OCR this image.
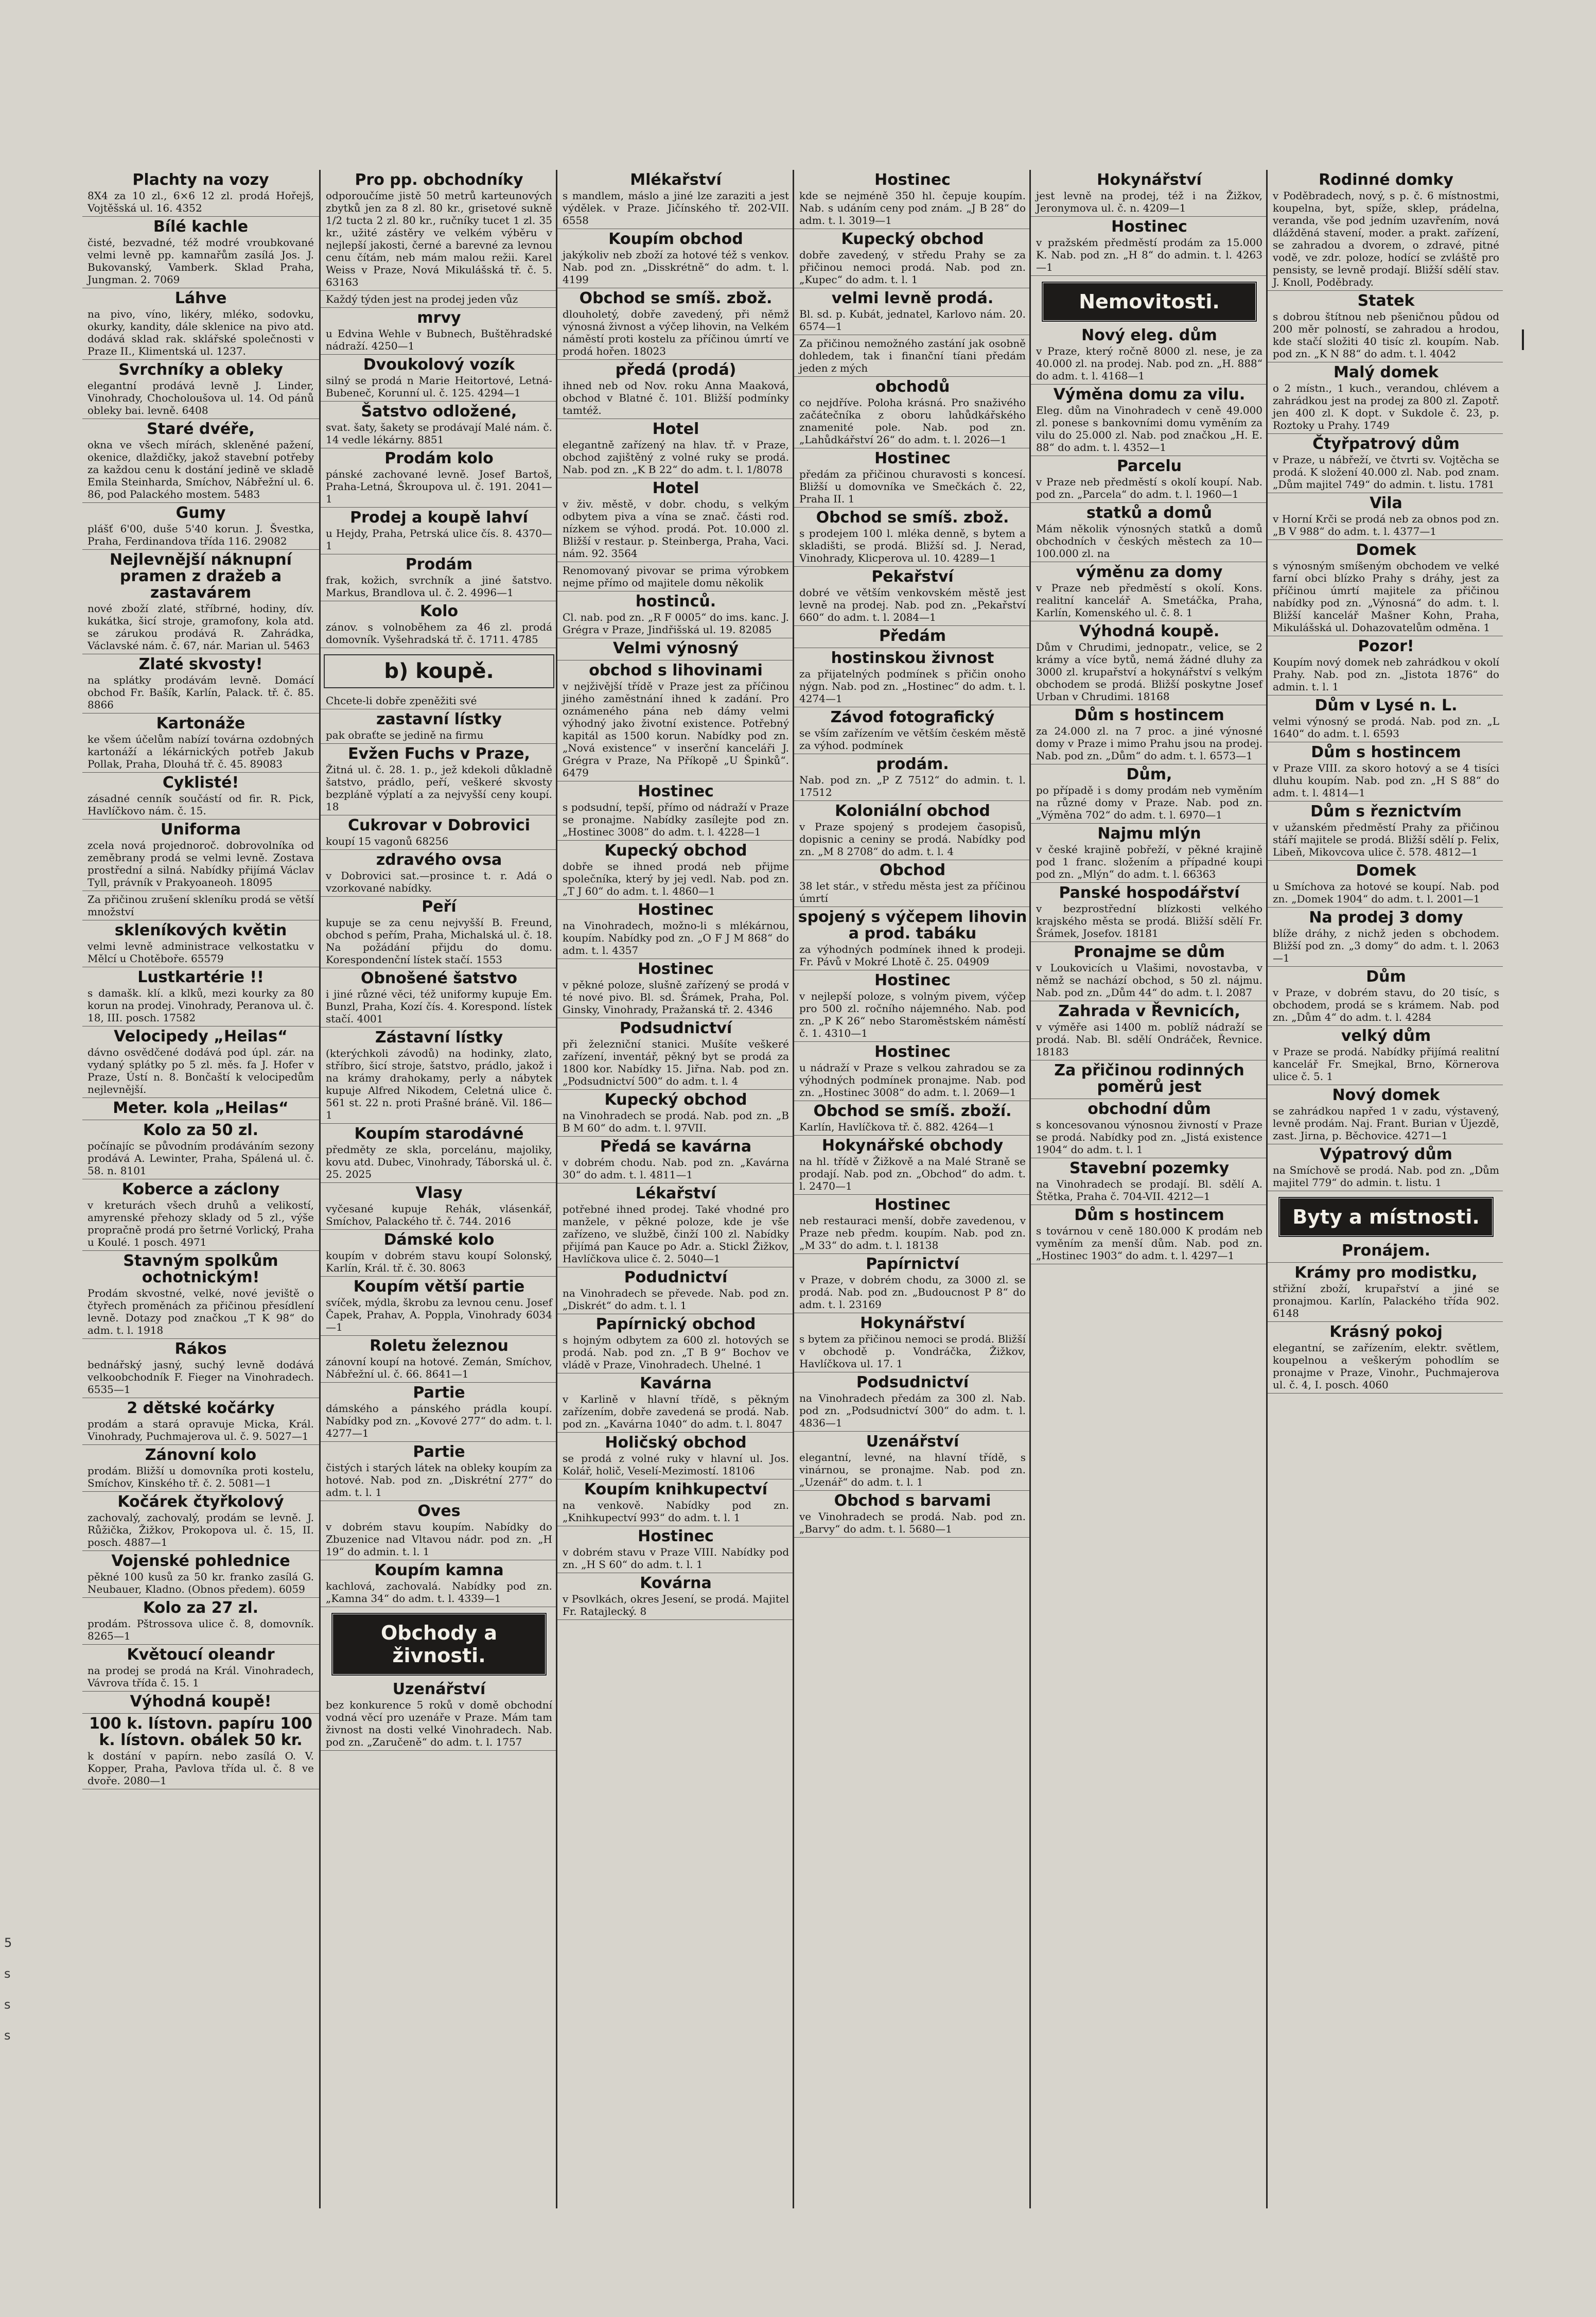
Plachty na vozy
8X4 za 10 zl., 6×6 12 zl. prodá Hořejš, Vojtěšská ul. 16. 4352
Bílé kachle
čisté, bezvadné, též modré vroubkované velmi levně pp. kamnařům zasílá Jos. J. Bukovanský, Vamberk. Sklad Praha, Jungman. 2. 7069
Láhve
na pivo, víno, likéry, mléko, sodovku, okurky, kandity, dále sklenice na pivo atd. dodává sklad rak. sklářské společnosti v Praze II., Klimentská ul. 1237.
Svrchníky a obleky
elegantní prodává levně J. Linder, Vinohrady, Chocholoušova ul. 14. Od pánů obleky bai. levně. 6408
Staré dvéře,
okna ve všech mírách, skleněné pažení, okenice, dlaždičky, jakož stavební potřeby za každou cenu k dostání jedině ve skladě Emila Steinharda, Smíchov, Nábřežní ul. 6. 86, pod Palackého mostem. 5483
Gumy
plášť 6'00, duše 5'40 korun. J. Švestka, Praha, Ferdinandova třída 116. 29082
Nejlevnější náknupní pramen z dražeb a zastavárem
nové zboží zlaté, stříbrné, hodiny, dív. kukátka, šicí stroje, gramofony, kola atd. se zárukou prodává R. Zahrádka, Václavské nám. č. 67, nár. Marian ul. 5463
Zlaté skvosty!
na splátky prodávám levně. Domácí obchod Fr. Bašík, Karlín, Palack. tř. č. 85. 8866
Kartonáže
ke všem účelům nabízí továrna ozdobných kartonáží a lékárnických potřeb Jakub Pollak, Praha, Dlouhá tř. č. 45. 89083
Cyklisté!
zásadné cenník součástí od fir. R. Pick, Havlíčkovo nám. č. 15.
Uniforma
zcela nová projednoroč. dobrovolníka od zeměbrany prodá se velmi levně. Zostava prostřední a silná. Nabídky přijímá Václav Tyll, právník v Prakyoaneoh. 18095
Za přičinou zrušení skleníku prodá se větší množství
skleníkových květin
velmi levně administrace velkostatku v Mělcí u Chotěboře. 65579
Lustkartérie !!
s damašk. klí. a klků, mezi kourky za 80 korun na prodej. Vinohrady, Peranova ul. č. 18, III. posch. 17582
Velocipedy „Heilas“
dávno osvědčené dodává pod úpl. zár. na vydaný splátky po 5 zl. měs. fa J. Hofer v Praze, Ústí n. 8. Bončaští k velocipedům nejlevnější.
Meter. kola „Heilas“
Kolo za 50 zl.
počínajíc se původním prodáváním sezony prodává A. Lewinter, Praha, Spálená ul. č. 58. n. 8101
Koberce a záclony
v kreturách všech druhů a velikostí, amyrenské přehozy sklady od 5 zl., výše propračně prodá pro šetrné Vorlický, Praha u Koulé. 1 posch. 4971
Stavným spolkům ochotnickým!
Prodám skvostné, velké, nové jeviště o čtyřech proměnách za přičinou přesídlení levně. Dotazy pod značkou „T K 98“ do adm. t. l. 1918
Rákos
bednářský jasný, suchý levně dodává velkoobchodník F. Fieger na Vinohradech. 6535—1
2 dětské kočárky
prodám a stará opravuje Micka, Král. Vinohrady, Puchmajerova ul. č. 9. 5027—1
Zánovní kolo
prodám. Bližší u domovníka proti kostelu, Smíchov, Kinského tř. č. 2. 5081—1
Kočárek čtyřkolový
zachovalý, zachovalý, prodám se levně. J. Růžička, Žižkov, Prokopova ul. č. 15, II. posch. 4887—1
Vojenské pohlednice
pěkné 100 kusů za 50 kr. franko zasílá G. Neubauer, Kladno. (Obnos předem). 6059
Kolo za 27 zl.
prodám. Pštrossova ulice č. 8, domovník. 8265—1
Květoucí oleandr
na prodej se prodá na Král. Vinohradech, Vávrova třída č. 15. 1
Výhodná koupě!
100 k. lístovn. papíru 100 k. lístovn. obálek 50 kr.
k dostání v papírn. nebo zasílá O. V. Kopper, Praha, Pavlova třída ul. č. 8 ve dvoře. 2080—1
Pro pp. obchodníky
odporoučíme jistě 50 metrů karteunových zbytků jen za 8 zl. 80 kr., grisetové sukně 1/2 tucta 2 zl. 80 kr., ručníky tucet 1 zl. 35 kr., užité zástěry ve velkém výběru v nejlepší jakosti, černé a barevné za levnou cenu čítám, neb mám malou režii. Karel Weiss v Praze, Nová Mikulášská tř. č. 5. 63163
Každý týden jest na prodej jeden vůz
mrvy
u Edvina Wehle v Bubnech, Buštěhradské nádraží. 4250—1
Dvoukolový vozík
silný se prodá n Marie Heitortové, Letná-Bubeneč, Korunní ul. č. 125. 4294—1
Šatstvo odložené,
svat. šaty, šakety se prodávají Malé nám. č. 14 vedle lékárny. 8851
Prodám kolo
pánské zachované levně. Josef Bartoš, Praha-Letná, Škroupova ul. č. 191. 2041—1
Prodej a koupě lahví
u Hejdy, Praha, Petrská ulice čís. 8. 4370—1
Prodám
frak, kožich, svrchník a jiné šatstvo. Markus, Brandlova ul. č. 2. 4996—1
Kolo
zánov. s volnoběhem za 46 zl. prodá domovník. Vyšehradská tř. č. 1711. 4785
b) koupě.
Chcete-li dobře zpeněžiti své
zastavní lístky
pak obraťte se jedině na firmu
Evžen Fuchs v Praze,
Žitná ul. č. 28. 1. p., jež kdekoli důkladně šatstvo, prádlo, peří, veškeré skvosty bezpláně výplatí a za nejvyšší ceny koupí. 18
Cukrovar v Dobrovici
koupí 15 vagonů 68256
zdravého ovsa
v Dobrovici sat.—prosince t. r. Adá o vzorkované nabídky.
Peří
kupuje se za cenu nejvyšší B. Freund, obchod s peřím, Praha, Michalská ul. č. 18. Na požádání přijdu do domu. Korespondenční lístek stačí. 1553
Obnošené šatstvo
i jiné různé věci, též uniformy kupuje Em. Bunzl, Praha, Kozí čís. 4. Korespond. lístek stačí. 4001
Zástavní lístky
(kterýchkoli závodů) na hodinky, zlato, stříbro, šicí stroje, šatstvo, prádlo, jakož i na krámy drahokamy, perly a nábytek kupuje Alfred Nikodem, Celetná ulice č. 561 st. 22 n. proti Prašné bráně. Vil. 186—1
Koupím starodávné
předměty ze skla, porcelánu, majoliky, kovu atd. Dubec, Vinohrady, Táborská ul. č. 25. 2025
Vlasy
vyčesané kupuje Rehák, vlásenkář, Smíchov, Palackého tř. č. 744. 2016
Dámské kolo
koupím v dobrém stavu koupí Solonský, Karlín, Král. tř. č. 30. 8063
Koupím větší partie
svíček, mýdla, škrobu za levnou cenu. Josef Čapek, Prahav, A. Poppla, Vinohrady 6034—1
Roletu železnou
zánovní koupí na hotové. Zemán, Smíchov, Nábřežní ul. č. 66. 8641—1
Partie
dámského a pánského prádla koupí. Nabídky pod zn. „Kovové 277“ do adm. t. l. 4277—1
Partie
čistých i starých látek na obleky koupím za hotové. Nab. pod zn. „Diskrétní 277“ do adm. t. l. 1
Oves
v dobrém stavu koupím. Nabídky do Zbuzenice nad Vltavou nádr. pod zn. „H 19“ do admin. t. l. 1
Koupím kamna
kachlová, zachovalá. Nabídky pod zn. „Kamna 34“ do adm. t. l. 4339—1
Obchody a živnosti.
Uzenářství
bez konkurence 5 roků v domě obchodní vodná věcí pro uzenáře v Praze. Mám tam živnost na dosti velké Vinohradech. Nab. pod zn. „Zaručeně“ do adm. t. l. 1757
Mlékařství
s mandlem, máslo a jiné lze zaraziti a jest výdělek. v Praze. Jičínského tř. 202-VII. 6558
Koupím obchod
jakýkoliv neb zboží za hotové též s venkov. Nab. pod zn. „Disskrétně“ do adm. t. l. 4199
Obchod se smíš. zbož.
dlouholetý, dobře zavedený, při němž výnosná živnost a výčep lihovin, na Velkém náměstí proti kostelu za příčinou úmrtí ve prodá hořen. 18023
předá (prodá)
ihned neb od Nov. roku Anna Maaková, obchod v Blatné č. 101. Bližší podmínky tamtéž.
Hotel
elegantně zařízený na hlav. tř. v Praze, obchod zajištěný z volné ruky se prodá. Nab. pod zn. „K B 22“ do adm. t. l. 1/8078
Hotel
v živ. městě, v dobr. chodu, s velkým odbytem piva a vína se znač. části rod. nízkem se výhod. prodá. Pot. 10.000 zl. Bližší v restaur. p. Steinberga, Praha, Vaci. nám. 92. 3564
Renomovaný pivovar se prima výrobkem nejme přímo od majitele domu několik
hostinců.
Cl. nab. pod zn. „R F 0005“ do ims. kanc. J. Grégra v Praze, Jindřišská ul. 19. 82085
Velmi výnosný
obchod s lihovinami
v nejživější třídě v Praze jest za příčinou jiného zaměstnání ihned k zadání. Pro oznámeného pána neb dámy velmi výhodný jako životní existence. Potřebný kapitál as 1500 korun. Nabídky pod zn. „Nová existence“ v inserční kanceláři J. Grégra v Praze, Na Příkopě „U Špinků“. 6479
Hostinec
s podsudní, tepší, přímo od nádraží v Praze se pronajme. Nabídky zasílejte pod zn. „Hostinec 3008“ do adm. t. l. 4228—1
Kupecký obchod
dobře se ihned prodá neb přijme společníka, který by jej vedl. Nab. pod zn. „T J 60“ do adm. t. l. 4860—1
Hostinec
na Vinohradech, možno-li s mlékárnou, koupím. Nabídky pod zn. „O F J M 868“ do adm. t. l. 4357
Hostinec
v pěkné poloze, slušně zařízený se prodá v té nové pivo. Bl. sd. Šrámek, Praha, Pol. Ginsky, Vinohrady, Pražanská tř. 2. 4346
Podsudnictví
při železniční stanici. Mušíte veškeré zařízení, inventář, pěkný byt se prodá za 1800 kor. Nabídky 15. Jiřna. Nab. pod zn. „Podsudnictví 500“ do adm. t. l. 4
Kupecký obchod
na Vinohradech se prodá. Nab. pod zn. „B B M 60“ do adm. t. l. 97VII.
Předá se kavárna
v dobrém chodu. Nab. pod zn. „Kavárna 30“ do adm. t. l. 4811—1
Lékařství
potřebné ihned prodej. Také vhodné pro manžele, v pěkné poloze, kde je vše zařízeno, ve službě, činží 100 zl. Nabídky přijímá pan Kauce po Adr. a. Stickl Žižkov, Havlíčkova ulice č. 2. 5040—1
Podudnictví
na Vinohradech se převede. Nab. pod zn. „Diskrét“ do adm. t. l. 1
Papírnický obchod
s hojným odbytem za 600 zl. hotových se prodá. Nab. pod zn. „T B 9“ Bochov ve vládě v Praze, Vinohradech. Uhelné. 1
Kavárna
v Karlině v hlavní třídě, s pěkným zařízením, dobře zavedená se prodá. Nab. pod zn. „Kavárna 1040“ do adm. t. l. 8047
Holičský obchod
se prodá z volné ruky v hlavní ul. Jos. Kolář, holič, Veselí-Mezimostí. 18106
Koupím knihkupectví
na venkově. Nabídky pod zn. „Knihkupectví 993“ do adm. t. l. 1
Hostinec
v dobrém stavu v Praze VIII. Nabídky pod zn. „H S 60“ do adm. t. l. 1
Kovárna
v Psovlkách, okres Jesení, se prodá. Majitel Fr. Ratajlecký. 8
Hostinec
kde se nejméně 350 hl. čepuje koupím. Nab. s udáním ceny pod znám. „J B 28“ do adm. t. l. 3019—1
Kupecký obchod
dobře zavedený, v středu Prahy se za přičinou nemoci prodá. Nab. pod zn. „Kupec“ do adm. t. l. 1
velmi levně prodá.
Bl. sd. p. Kubát, jednatel, Karlovo nám. 20. 6574—1
Za přičinou nemožného zastání jak osobně dohledem, tak i finanční tíani předám jeden z mých
obchodů
co nejdříve. Poloha krásná. Pro snaživého začátečníka z oboru lahůdkářského znamenité pole. Nab. pod zn. „Lahůdkářství 26“ do adm. t. l. 2026—1
Hostinec
předám za přičinou churavosti s koncesí. Bližší u domovníka ve Smečkách č. 22, Praha II. 1
Obchod se smíš. zbož.
s prodejem 100 l. mléka denně, s bytem a skladišti, se prodá. Bližší sd. J. Nerad, Vinohrady, Klicperova ul. 10. 4289—1
Pekařství
dobré ve větším venkovském městě jest levně na prodej. Nab. pod zn. „Pekařství 660“ do adm. t. l. 2084—1
Předám
hostinskou živnost
za přijatelných podmínek s přičin onoho nýgn. Nab. pod zn. „Hostinec“ do adm. t. l. 4274—1
Závod fotografický
se vším zařízením ve větším českém městě za výhod. podmínek
prodám.
Nab. pod zn. „P Z 7512“ do admin. t. l. 17512
Koloniální obchod
v Praze spojený s prodejem časopisů, dopisnic a ceniny se prodá. Nabídky pod zn. „M 8 2708“ do adm. t. l. 4
Obchod
38 let stár., v středu města jest za příčinou úmrtí
spojený s výčepem lihovin a prod. tabáku
za výhodných podmínek ihned k prodeji. Fr. Pávů v Mokré Lhotě č. 25. 04909
Hostinec
v nejlepší poloze, s volným pivem, výčep pro 500 zl. ročního nájemného. Nab. pod zn. „P K 26“ nebo Staroměstském náměstí č. 1. 4310—1
Hostinec
u nádraží v Praze s velkou zahradou se za výhodných podmínek pronajme. Nab. pod zn. „Hostinec 3008“ do adm. t. l. 2069—1
Obchod se smíš. zboží.
Karlín, Havlíčkova tř. č. 882. 4264—1
Hokynářské obchody
na hl. třídě v Žižkově a na Malé Straně se prodají. Nab. pod zn. „Obchod“ do adm. t. l. 2470—1
Hostinec
neb restauraci menší, dobře zavedenou, v Praze neb předm. koupím. Nab. pod zn. „M 33“ do adm. t. l. 18138
Papírnictví
v Praze, v dobrém chodu, za 3000 zl. se prodá. Nab. pod zn. „Budoucnost P 8“ do adm. t. l. 23169
Hokynářství
s bytem za přičinou nemoci se prodá. Bližší v obchodě p. Vondráčka, Žižkov, Havlíčkova ul. 17. 1
Podsudnictví
na Vinohradech předám za 300 zl. Nab. pod zn. „Podsudnictví 300“ do adm. t. l. 4836—1
Uzenářství
elegantní, levné, na hlavní třídě, s vinárnou, se pronajme. Nab. pod zn. „Uzenář“ do adm. t. l. 1
Obchod s barvami
ve Vinohradech se prodá. Nab. pod zn. „Barvy“ do adm. t. l. 5680—1
Hokynářství
jest levně na prodej, též i na Žižkov, Jeronymova ul. č. n. 4209—1
Hostinec
v pražském předměstí prodám za 15.000 K. Nab. pod zn. „H 8“ do admin. t. l. 4263—1
Nemovitosti.
Nový eleg. dům
v Praze, který ročně 8000 zl. nese, je za 40.000 zl. na prodej. Nab. pod zn. „H. 888“ do adm. t. l. 4168—1
Výměna domu za vilu.
Eleg. dům na Vinohradech v ceně 49.000 zl. ponese s bankovními domu vyměním za vilu do 25.000 zl. Nab. pod značkou „H. E. 88“ do adm. t. l. 4352—1
Parcelu
v Praze neb předměstí s okolí koupí. Nab. pod zn. „Parcela“ do adm. t. l. 1960—1
statků a domů
Mám několik výnosných statků a domů obchodních v českých městech za 10—100.000 zl. na
výměnu za domy
v Praze neb předměstí s okolí. Kons. realitní kancelář A. Smetáčka, Praha, Karlín, Komenského ul. č. 8. 1
Výhodná koupě.
Dům v Chrudimi, jednopatr., velice, se 2 krámy a více bytů, nemá žádné dluhy za 3000 zl. krupařství a hokynářství s velkým obchodem se prodá. Bližší poskytne Josef Urban v Chrudimi. 18168
Dům s hostincem
za 24.000 zl. na 7 proc. a jiné výnosné domy v Praze i mimo Prahu jsou na prodej. Nab. pod zn. „Dům“ do adm. t. l. 6573—1
Dům,
po případě i s domy prodám neb vyměním na různé domy v Praze. Nab. pod zn. „Výměna 702“ do adm. t. l. 6970—1
Najmu mlýn
v české krajině pobřeží, v pěkné krajině pod 1 franc. složením a případné koupi pod zn. „Mlýn“ do adm. t. l. 66363
Panské hospodářství
v bezprostřední blízkosti velkého krajského města se prodá. Bližší sdělí Fr. Šrámek, Josefov. 18181
Pronajme se dům
v Loukovicích u Vlašimi, novostavba, v němž se nachází obchod, s 50 zl. nájmu. Nab. pod zn. „Dům 44“ do adm. t. l. 2087
Zahrada v Řevnicích,
v výměře asi 1400 m. poblíž nádraží se prodá. Nab. Bl. sdělí Ondráček, Řevnice. 18183
Za přičinou rodinných poměrů jest
obchodní dům
s koncesovanou výnosnou živností v Praze se prodá. Nabídky pod zn. „Jistá existence 1904“ do adm. t. l. 1
Stavební pozemky
na Vinohradech se prodají. Bl. sdělí A. Štětka, Praha č. 704-VII. 4212—1
Dům s hostincem
s továrnou v ceně 180.000 K prodám neb vyměním za menší dům. Nab. pod zn. „Hostinec 1903“ do adm. t. l. 4297—1
Rodinné domky
v Poděbradech, nový, s p. č. 6 místnostmi, koupelna, byt, spíže, sklep, prádelna, veranda, vše pod jedním uzavřením, nová dlážděná stavení, moder. a prakt. zařízení, se zahradou a dvorem, o zdravé, pitné vodě, ve zdr. poloze, hodící se zvláště pro pensisty, se levně prodají. Bližší sdělí stav. J. Knoll, Poděbrady.
Statek
s dobrou štítnou neb pšeničnou půdou od 200 měr polností, se zahradou a hrodou, kde stačí složiti 40 tisíc zl. koupím. Nab. pod zn. „K N 88“ do adm. t. l. 4042
Malý domek
o 2 místn., 1 kuch., verandou, chlévem a zahrádkou jest na prodej za 800 zl. Zapotř. jen 400 zl. K dopt. v Sukdole č. 23, p. Roztoky u Prahy. 1749
Čtyřpatrový dům
v Praze, u nábřeží, ve čtvrti sv. Vojtěcha se prodá. K složení 40.000 zl. Nab. pod znam. „Dům majitel 749“ do admin. t. listu. 1781
Vila
v Horní Krči se prodá neb za obnos pod zn. „B V 988“ do adm. t. l. 4377—1
Domek
s výnosným smíšeným obchodem ve velké farní obci blízko Prahy s dráhy, jest za příčinou úmrtí majitele za přičinou nabídky pod zn. „Výnosná“ do adm. t. l. Bližší kancelář Mašner Kohn, Praha, Mikulášská ul. Dohazovatelům odměna. 1
Pozor!
Koupím nový domek neb zahrádkou v okolí Prahy. Nab. pod zn. „Jistota 1876“ do admin. t. l. 1
Dům v Lysé n. L.
velmi výnosný se prodá. Nab. pod zn. „L 1640“ do adm. t. l. 6593
Dům s hostincem
v Praze VIII. za skoro hotový a se 4 tisíci dluhu koupím. Nab. pod zn. „H S 88“ do adm. t. l. 4814—1
Dům s řeznictvím
v užanském předměstí Prahy za přičinou stáří majitele se prodá. Bližší sdělí p. Felix, Libeň, Mikovcova ulice č. 578. 4812—1
Domek
u Smíchova za hotové se koupí. Nab. pod zn. „Domek 1904“ do adm. t. l. 2001—1
Na prodej 3 domy
blíže dráhy, z nichž jeden s obchodem. Bližší pod zn. „3 domy“ do adm. t. l. 2063—1
Dům
v Praze, v dobrém stavu, do 20 tisíc, s obchodem, prodá se s krámem. Nab. pod zn. „Dům 4“ do adm. t. l. 4284
velký dům
v Praze se prodá. Nabídky přijímá realitní kancelář Fr. Smejkal, Brno, Körnerova ulice č. 5. 1
Nový domek
se zahrádkou napřed 1 v zadu, výstavený, levně prodám. Naj. Frant. Burian v Újezdě, zast. Jirna, p. Běchovice. 4271—1
Výpatrový dům
na Smíchově se prodá. Nab. pod zn. „Dům majitel 779“ do admin. t. listu. 1
Byty a místnosti.
Pronájem.
Krámy pro modistku,
střižní zboží, krupařství a jiné se pronajmou. Karlín, Palackého třída 902. 6148
Krásný pokoj
elegantní, se zařízením, elektr. světlem, koupelnou a veškerým pohodlím se pronajme v Praze, Vinohr., Puchmajerova ul. č. 4, I. posch. 4060
5
s
s
s
